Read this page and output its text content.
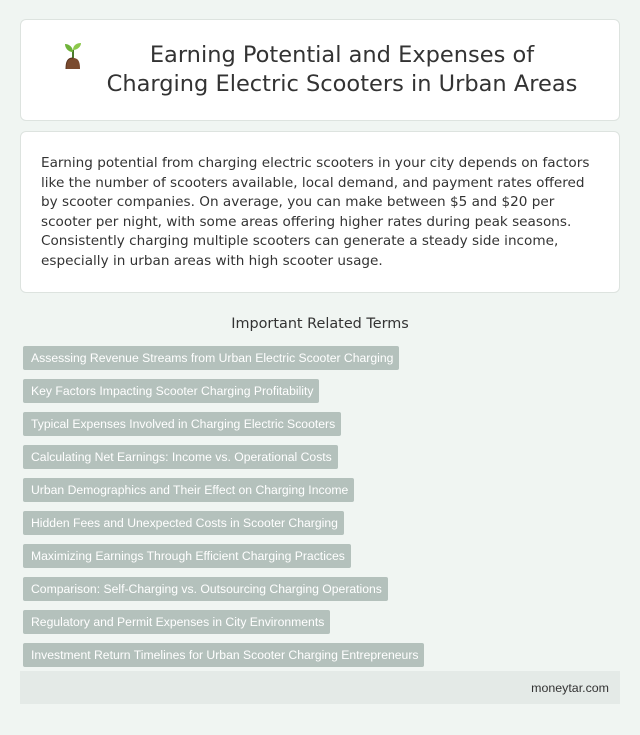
Earning Potential and Expenses of Charging Electric Scooters in Urban Areas

Earning potential from charging electric scooters in your city depends on factors like the number of scooters available, local demand, and payment rates offered by scooter companies. On average, you can make between $5 and $20 per scooter per night, with some areas offering higher rates during peak seasons. Consistently charging multiple scooters can generate a steady side income, especially in urban areas with high scooter usage.

Important Related Terms
Assessing Revenue Streams from Urban Electric Scooter Charging
Key Factors Impacting Scooter Charging Profitability
Typical Expenses Involved in Charging Electric Scooters
Calculating Net Earnings: Income vs. Operational Costs
Urban Demographics and Their Effect on Charging Income
Hidden Fees and Unexpected Costs in Scooter Charging
Maximizing Earnings Through Efficient Charging Practices
Comparison: Self-Charging vs. Outsourcing Charging Operations
Regulatory and Permit Expenses in City Environments
Investment Return Timelines for Urban Scooter Charging Entrepreneurs
moneytar.com
